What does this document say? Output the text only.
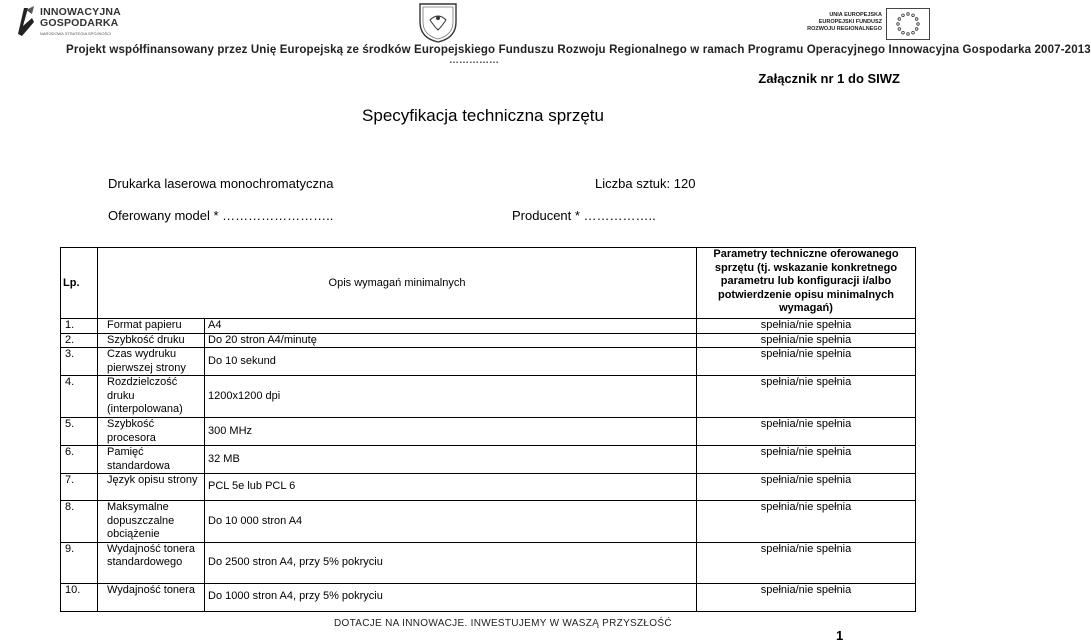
INNOWACYJNA GOSPODARKA
NARODOWA STRATEGIA SPÓJNOŚCI
UNIA EUROPEJSKA EUROPEJSKI FUNDUSZ ROZWOJU REGIONALNEGO
Projekt współfinansowany przez Unię Europejską ze środków Europejskiego Funduszu Rozwoju Regionalnego w ramach Programu Operacyjnego Innowacyjna Gospodarka 2007-2013
……………
Załącznik nr 1 do SIWZ
Specyfikacja techniczna sprzętu
Drukarka laserowa monochromatyczna	Liczba sztuk: 120
Oferowany model * ……………………..	Producent * ……………..
Lp.	Opis wymagań minimalnych		Parametry techniczne oferowanego sprzętu (tj. wskazanie konkretnego parametru lub konfiguracji i/albo potwierdzenie opisu minimalnych wymagań)
1.	Format papieru	A4	spełnia/nie spełnia
2.	Szybkość druku	Do 20 stron A4/minutę	spełnia/nie spełnia
3.	Czas wydruku pierwszej strony	Do 10 sekund	spełnia/nie spełnia
4.	Rozdzielczość druku (interpolowana)	1200x1200 dpi	spełnia/nie spełnia
5.	Szybkość procesora	300 MHz	spełnia/nie spełnia
6.	Pamięć standardowa	32 MB	spełnia/nie spełnia
7.	Język opisu strony	PCL 5e lub PCL 6	spełnia/nie spełnia
8.	Maksymalne dopuszczalne obciążenie	Do 10 000 stron A4	spełnia/nie spełnia
9.	Wydajność tonera standardowego	Do 2500 stron A4, przy 5% pokryciu	spełnia/nie spełnia
10.	Wydajność tonera	Do 1000 stron A4, przy 5% pokryciu	spełnia/nie spełnia
DOTACJE NA INNOWACJE. INWESTUJEMY W WASZĄ PRZYSZŁOŚĆ
1
